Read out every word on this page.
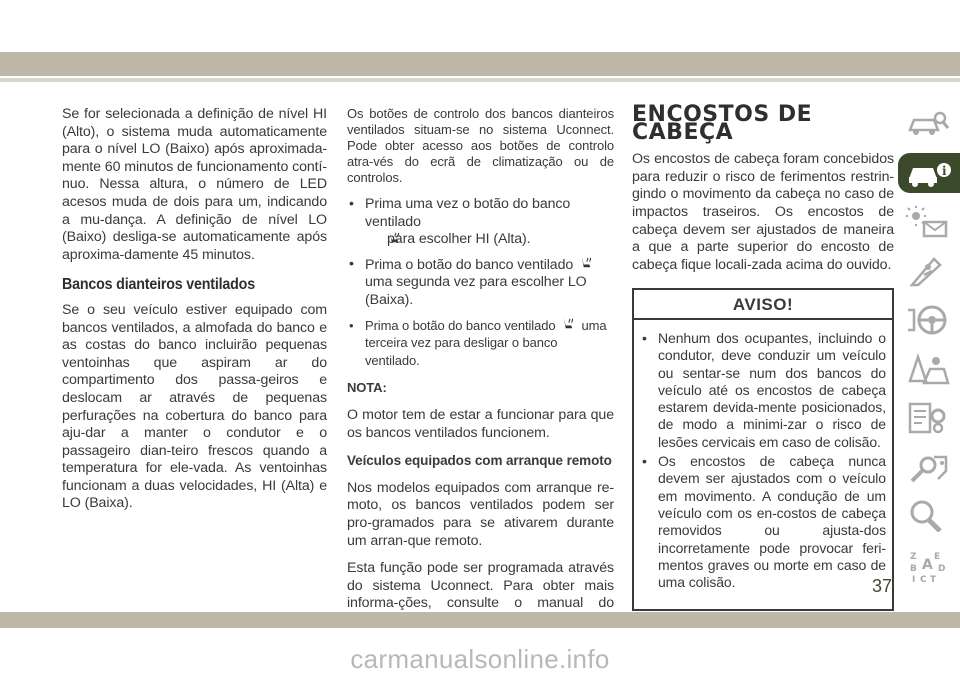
Se for selecionada a definição de nível HI (Alto), o sistema muda automaticamente para o nível LO (Baixo) após aproximada-mente 60 minutos de funcionamento contí-nuo. Nessa altura, o número de LED acesos muda de dois para um, indicando a mu-dança. A definição de nível LO (Baixo) desliga-se automaticamente após aproxima-damente 45 minutos.

Bancos dianteiros ventilados

Se o seu veículo estiver equipado com bancos ventilados, a almofada do banco e as costas do banco incluirão pequenas ventoinhas que aspiram ar do compartimento dos passa-geiros e deslocam ar através de pequenas perfurações na cobertura do banco para aju-dar a manter o condutor e o passageiro dian-teiro frescos quando a temperatura for ele-vada. As ventoinhas funcionam a duas velocidades, HI (Alta) e LO (Baixa).

Os botões de controlo dos bancos dianteiros ventilados situam-se no sistema Uconnect. Pode obter acesso aos botões de controlo atra-vés do ecrã de climatização ou de controlos.

• Prima uma vez o botão do banco ventilado
para escolher HI (Alta).
• Prima o botão do banco ventilado  uma segunda vez para escolher LO (Baixa).
• Prima o botão do banco ventilado uma terceira vez para desligar o banco ventilado.

NOTA:

O motor tem de estar a funcionar para que os bancos ventilados funcionem.

Veículos equipados com arranque remoto

Nos modelos equipados com arranque re-moto, os bancos ventilados podem ser pro-gramados para se ativarem durante um arran-que remoto.

Esta função pode ser programada através do sistema Uconnect. Para obter mais informa-ções, consulte o manual do

ENCOSTOS DE CABEÇA

Os encostos de cabeça foram concebidos para reduzir o risco de ferimentos restrin-gindo o movimento da cabeça no caso de impactos traseiros. Os encostos de cabeça devem ser ajustados de maneira a que a parte superior do encosto de cabeça fique locali-zada acima do ouvido.

AVISO!
• Nenhum dos ocupantes, incluindo o condutor, deve conduzir um veículo ou sentar-se num dos bancos do veículo até os encostos de cabeça estarem devida-mente posicionados, de modo a minimi-zar o risco de lesões cervicais em caso de colisão.
• Os encostos de cabeça nunca devem ser ajustados com o veículo em movimento. A condução de um veículo com os en-costos de cabeça removidos ou ajusta-dos incorretamente pode provocar feri-mentos graves ou morte em caso de uma colisão.
i
Z E
B A D
I C T
37
carmanualsonline.info
